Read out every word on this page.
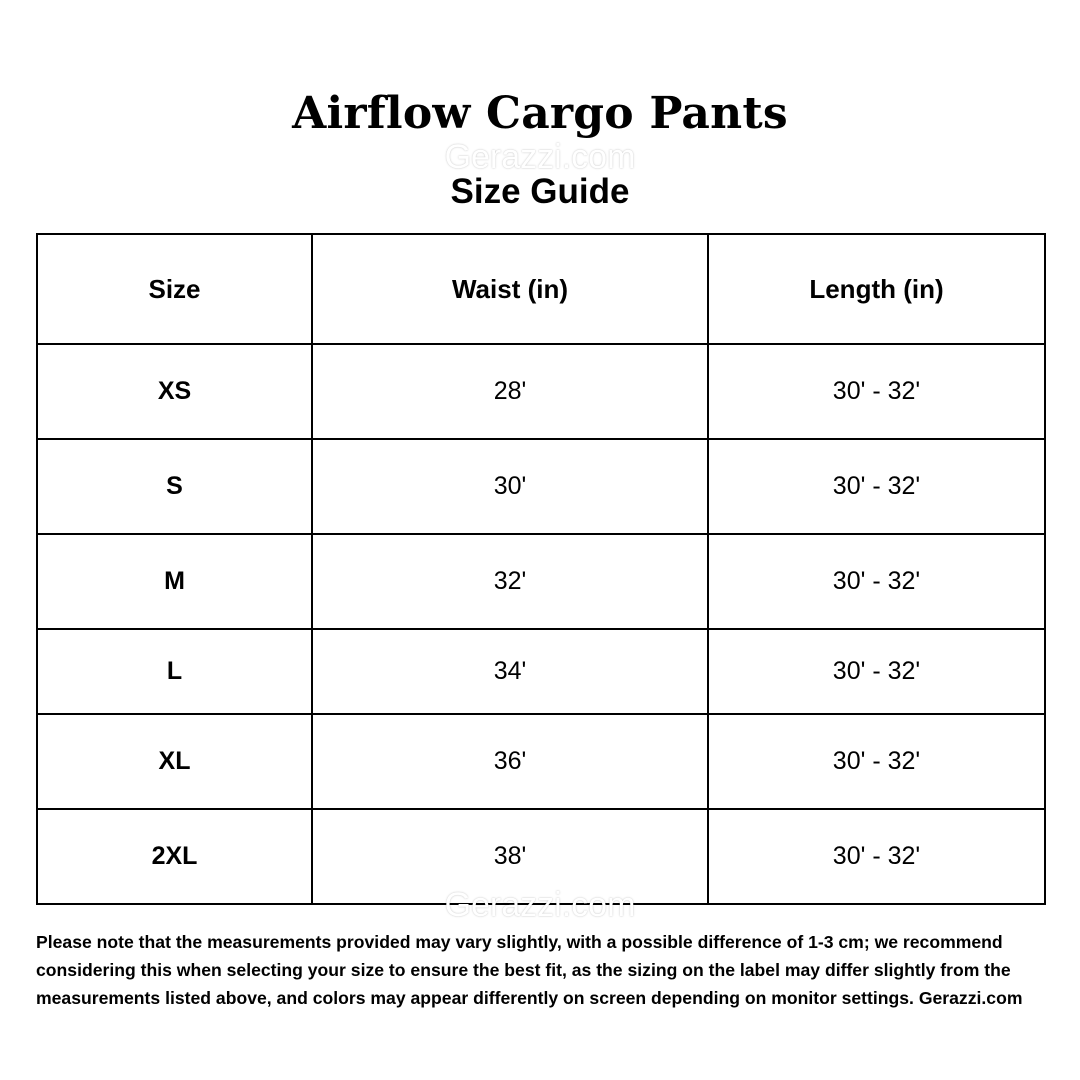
Airflow Cargo Pants
Gerazzi.com
Size Guide
Size	Waist (in)	Length (in)
XS	28'	30' - 32'
S	30'	30' - 32'
M	32'	30' - 32'
L	34'	30' - 32'
XL	36'	30' - 32'
2XL	38'	30' - 32'
Gerazzi.com

Please note that the measurements provided may vary slightly, with a possible difference of 1-3 cm; we recommend considering this when selecting your size to ensure the best fit, as the sizing on the label may differ slightly from the measurements listed above, and colors may appear differently on screen depending on monitor settings. Gerazzi.com
